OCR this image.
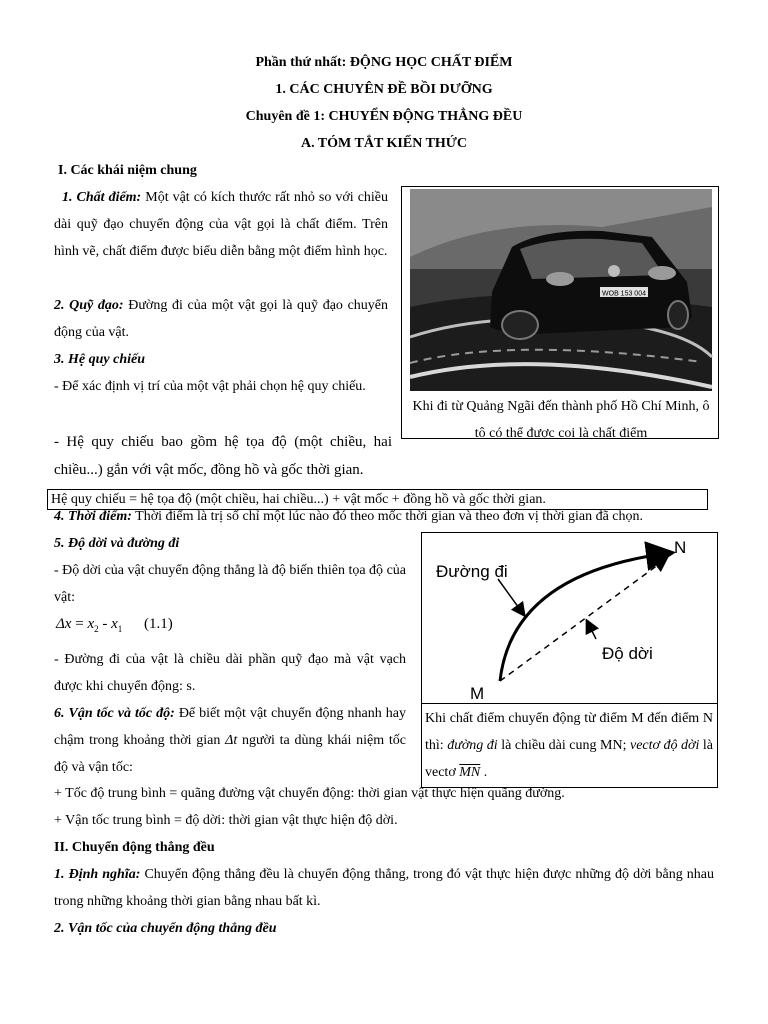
Phần thứ nhất: ĐỘNG HỌC CHẤT ĐIỂM
1. CÁC CHUYÊN ĐỀ BỒI DƯỠNG
Chuyên đề 1: CHUYỂN ĐỘNG THẲNG ĐỀU
A. TÓM TẮT KIẾN THỨC
I. Các khái niệm chung
1. Chất điểm: Một vật có kích thước rất nhỏ so với chiều dài quỹ đạo chuyển động của vật gọi là chất điểm. Trên hình vẽ, chất điểm được biểu diễn bằng một điểm hình học.
2. Quỹ đạo: Đường đi của một vật gọi là quỹ đạo chuyển động của vật.
3. Hệ quy chiếu
- Để xác định vị trí của một vật phải chọn hệ quy chiếu.
- Hệ quy chiếu bao gồm hệ tọa độ (một chiều, hai chiều...) gắn với vật mốc, đồng hồ và gốc thời gian.
WOB 153 004
Khi đi từ Quảng Ngãi đến thành phố Hồ Chí Minh, ô tô có thể được coi là chất điểm
Hệ quy chiếu = hệ tọa độ (một chiều, hai chiều...) + vật mốc + đồng hồ và gốc thời gian.
4. Thời điểm: Thời điểm là trị số chỉ một lúc nào đó theo mốc thời gian và theo đơn vị thời gian đã chọn.
5. Độ dời và đường đi
- Độ dời của vật chuyển động thẳng là độ biến thiên tọa độ của vật:
$\Delta x = x_2 - x_1$ (1.1)
- Đường đi của vật là chiều dài phần quỹ đạo mà vật vạch được khi chuyển động: s.
6. Vận tốc và tốc độ: Để biết một vật chuyển động nhanh hay chậm trong khoảng thời gian Δt người ta dùng khái niệm tốc độ và vận tốc:
+ Tốc độ trung bình = quãng đường vật chuyển động: thời gian vật thực hiện quãng đường.
+ Vận tốc trung bình = độ dời: thời gian vật thực hiện độ dời.
Đường đi
Độ dời
M
N
Khi chất điểm chuyển động từ điểm M đến điểm N thì: đường đi là chiều dài cung MN; vectơ độ dời là vectơ $\overline{MN}$ .
II. Chuyển động thẳng đều
1. Định nghĩa: Chuyển động thẳng đều là chuyển động thẳng, trong đó vật thực hiện được những độ dời bằng nhau trong những khoảng thời gian bằng nhau bất kì.
2. Vận tốc của chuyển động thẳng đều
